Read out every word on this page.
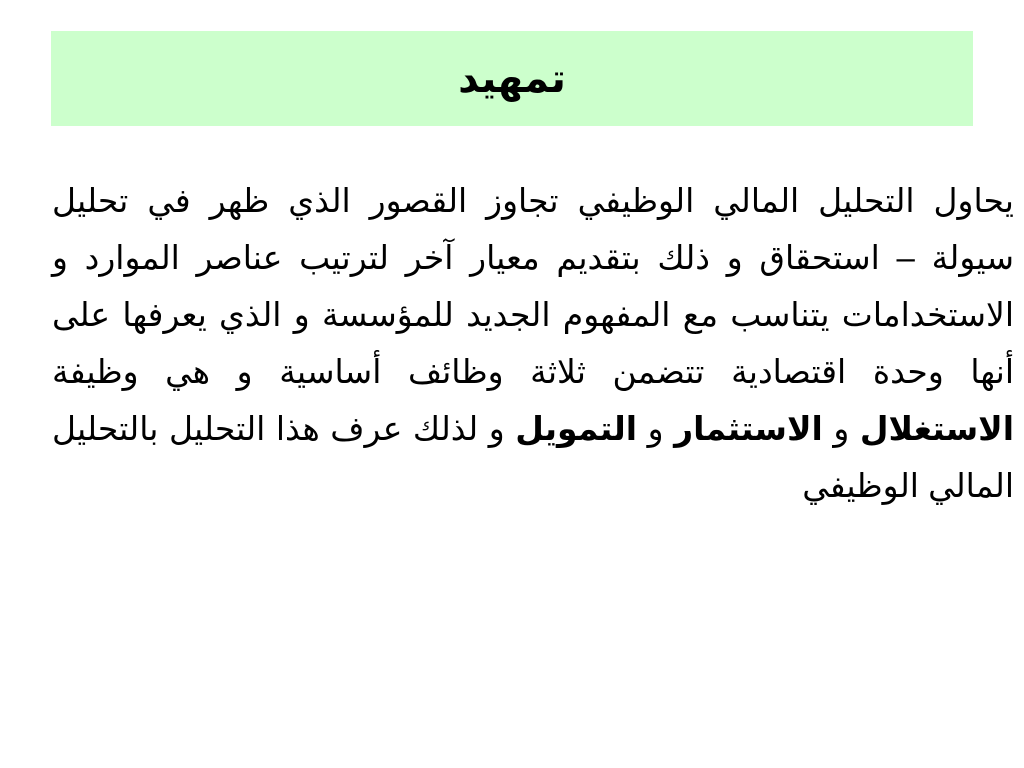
تمهيد

يحاول التحليل المالي الوظيفي تجاوز القصور الذي ظهر في تحليل سيولة – استحقاق و ذلك بتقديم معيار آخر لترتيب عناصر الموارد و الاستخدامات يتناسب مع المفهوم الجديد للمؤسسة و الذي يعرفها على أنها وحدة اقتصادية تتضمن ثلاثة وظائف أساسية و هي وظيفة الاستغلال و الاستثمار و التمويل و لذلك عرف هذا التحليل بالتحليل المالي الوظيفي
